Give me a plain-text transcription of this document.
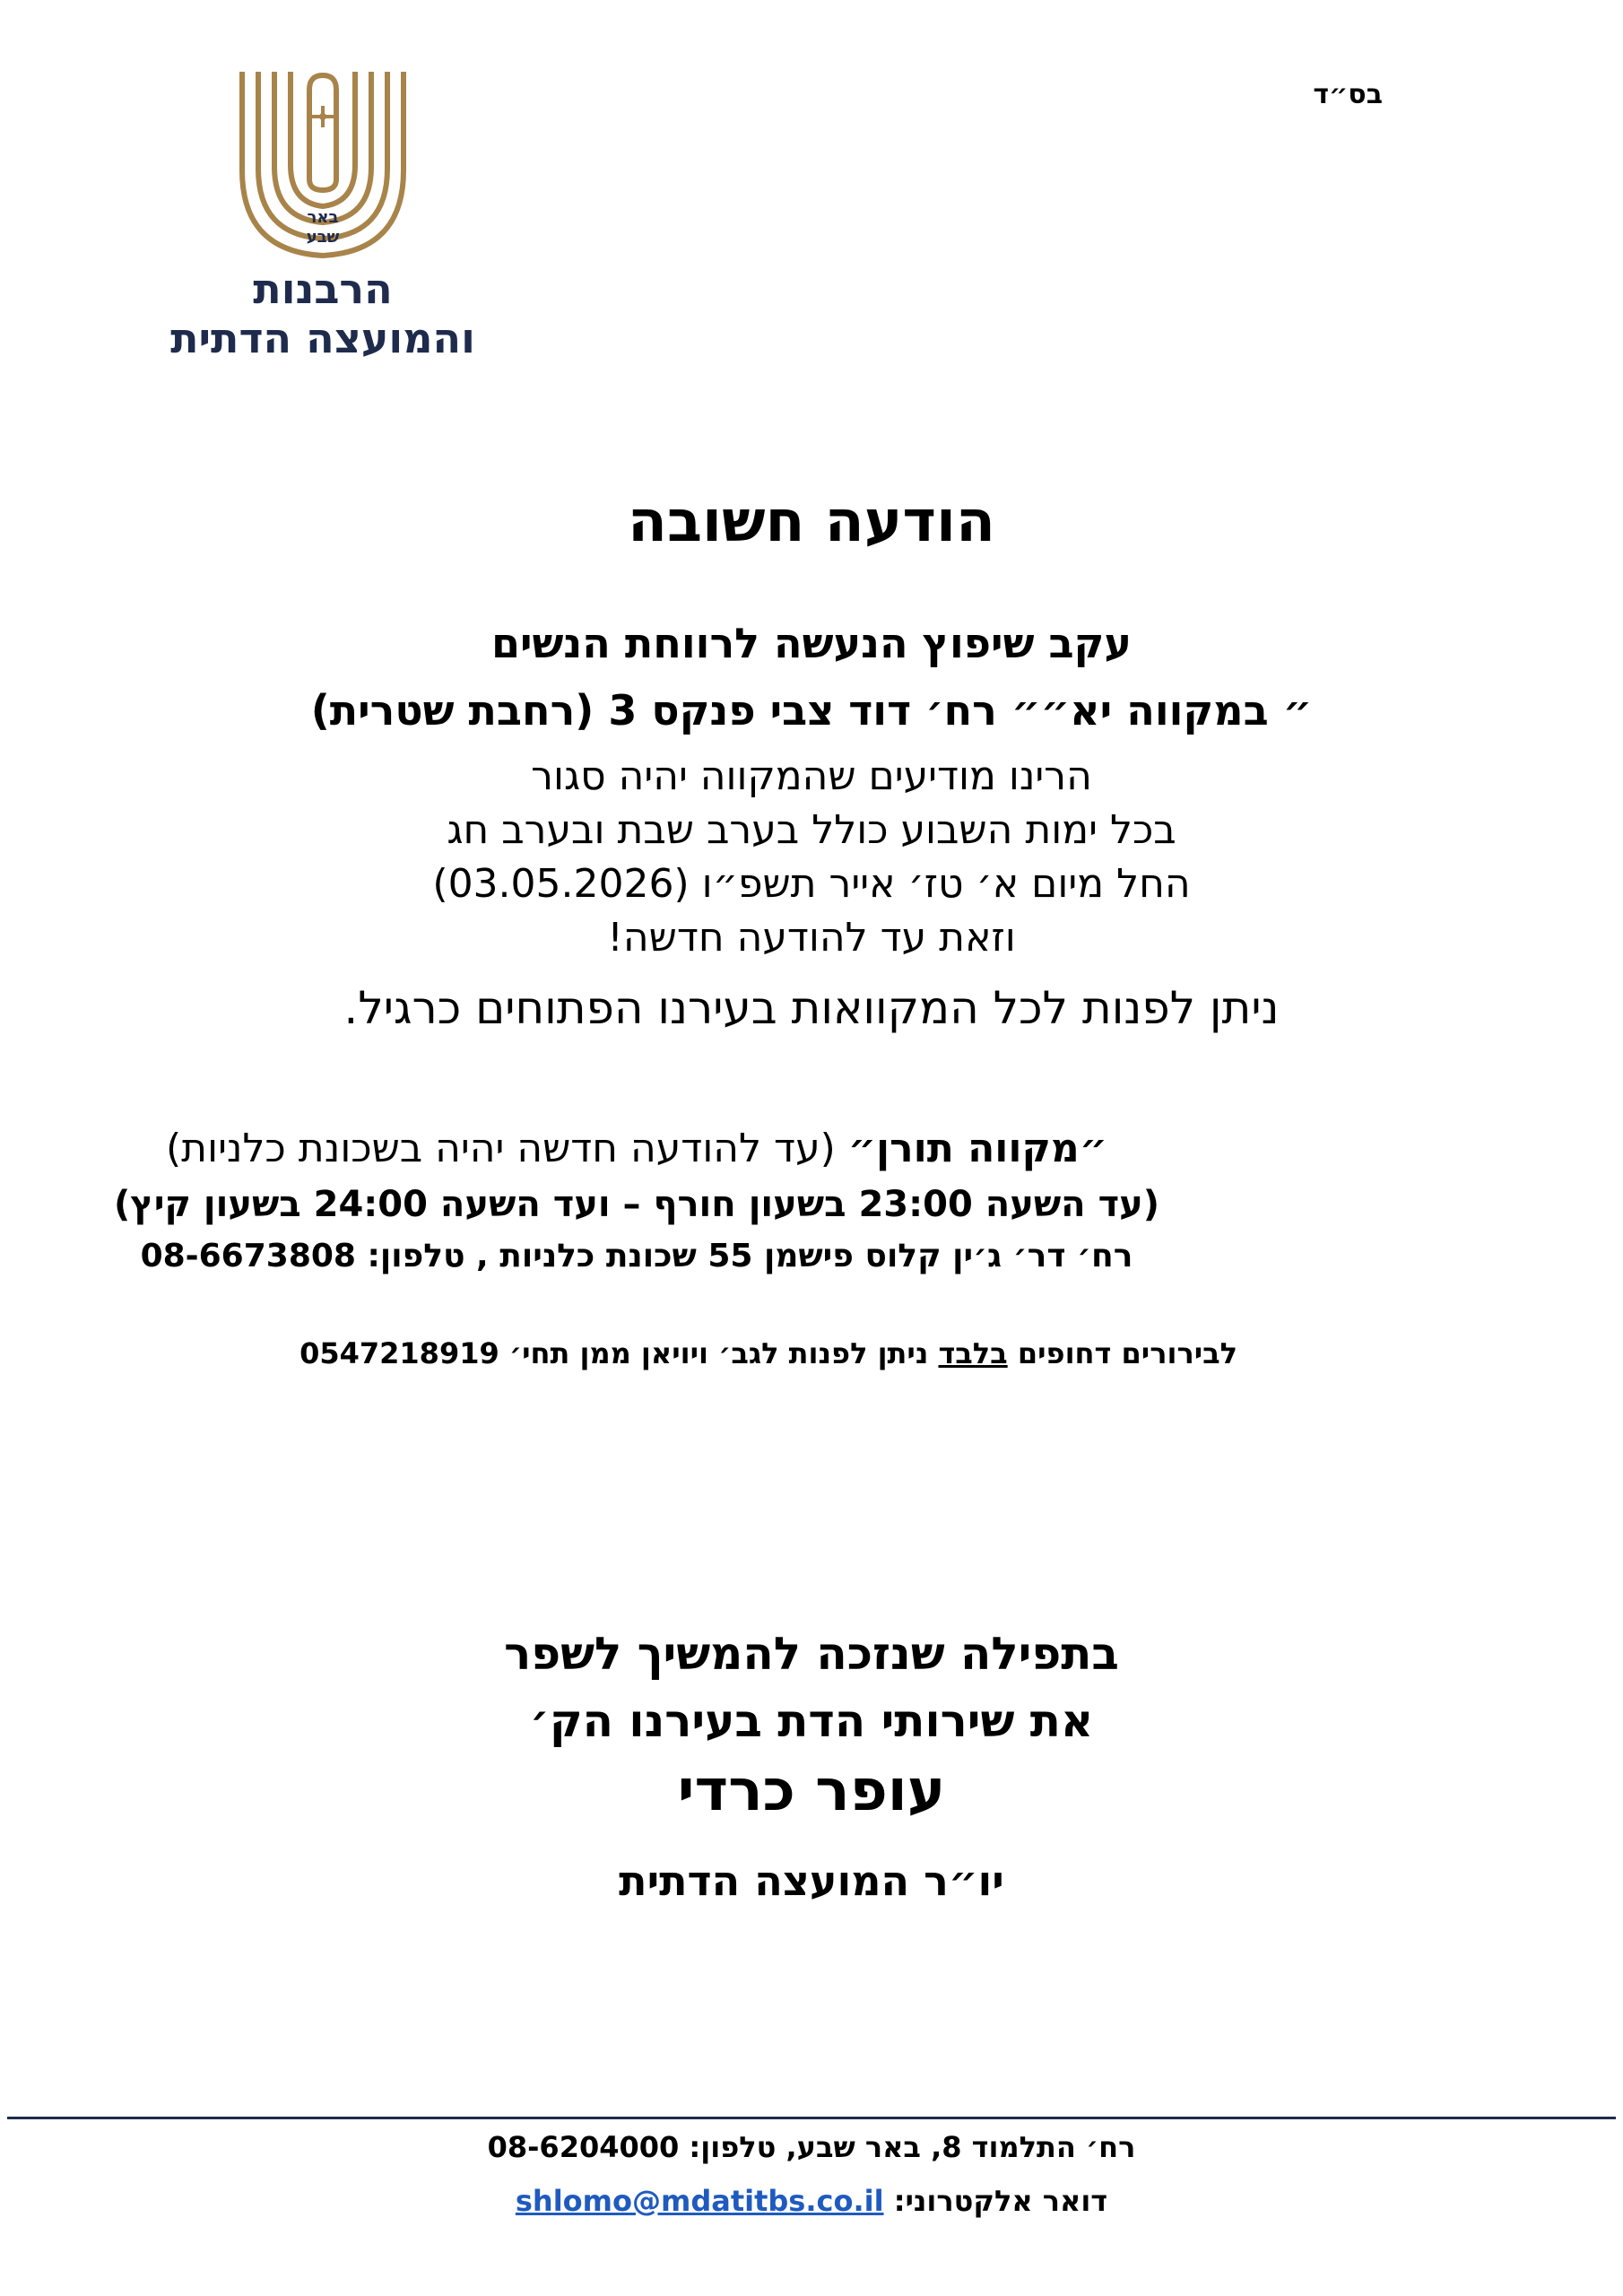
בס״ד
באר
שבע
הרבנות
והמועצה הדתית
הודעה חשובה
עקב שיפוץ הנעשה לרווחת הנשים
״ במקווה יא״״ רח׳ דוד צבי פנקס 3 (רחבת שטרית)
הרינו מודיעים שהמקווה יהיה סגור
בכל ימות השבוע כולל בערב שבת ובערב חג
החל מיום א׳ טז׳ אייר תשפ״ו (03.05.2026)
וזאת עד להודעה חדשה!
ניתן לפנות לכל המקוואות בעירנו הפתוחים כרגיל.
״מקווה תורן״ (עד להודעה חדשה יהיה בשכונת כלניות)
(עד השעה 23:00 בשעון חורף – ועד השעה 24:00 בשעון קיץ)
רח׳ דר׳ ג׳ין קלוס פישמן 55 שכונת כלניות , טלפון: 08-6673808
לבירורים דחופים בלבד ניתן לפנות לגב׳ ויויאן ממן תחי׳ 0547218919
בתפילה שנזכה להמשיך לשפר
את שירותי הדת בעירנו הק׳
עופר כרדי
יו״ר המועצה הדתית
רח׳ התלמוד 8, באר שבע, טלפון: 08-6204000
דואר אלקטרוני: shlomo@mdatitbs.co.il
